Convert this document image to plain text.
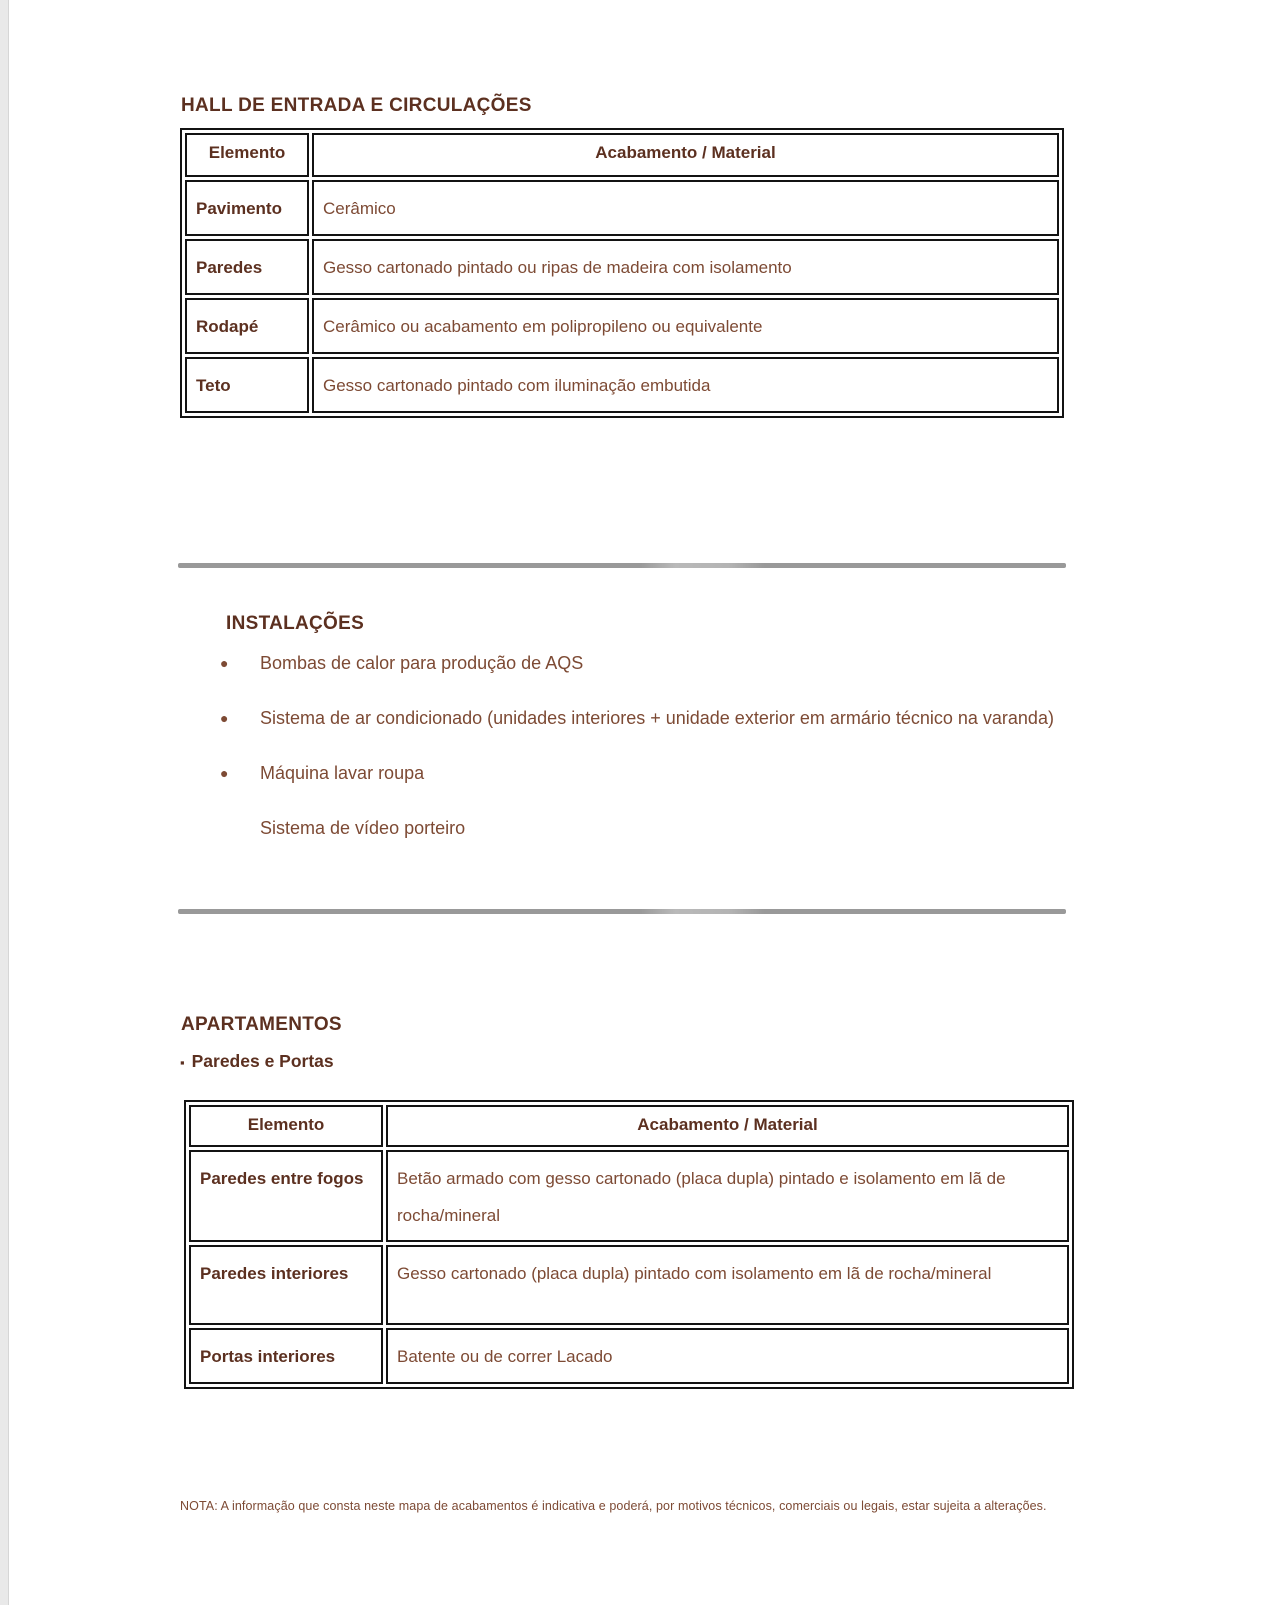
HALL DE ENTRADA E CIRCULAÇÕES
Elemento	Acabamento / Material
Pavimento	Cerâmico
Paredes	Gesso cartonado pintado ou ripas de madeira com isolamento
Rodapé	Cerâmico ou acabamento em polipropileno ou equivalente
Teto	Gesso cartonado pintado com iluminação embutida
INSTALAÇÕES
●	Bombas de calor para produção de AQS
●	Sistema de ar condicionado (unidades interiores + unidade exterior em armário técnico na varanda)
●	Máquina lavar roupa
Sistema de vídeo porteiro
APARTAMENTOS
▪ Paredes e Portas
Elemento	Acabamento / Material
Paredes entre fogos	Betão armado com gesso cartonado (placa dupla) pintado e isolamento em lã de rocha/mineral
Paredes interiores	Gesso cartonado (placa dupla) pintado com isolamento em lã de rocha/mineral
Portas interiores	Batente ou de correr Lacado

NOTA: A informação que consta neste mapa de acabamentos é indicativa e poderá, por motivos técnicos, comerciais ou legais, estar sujeita a alterações.
